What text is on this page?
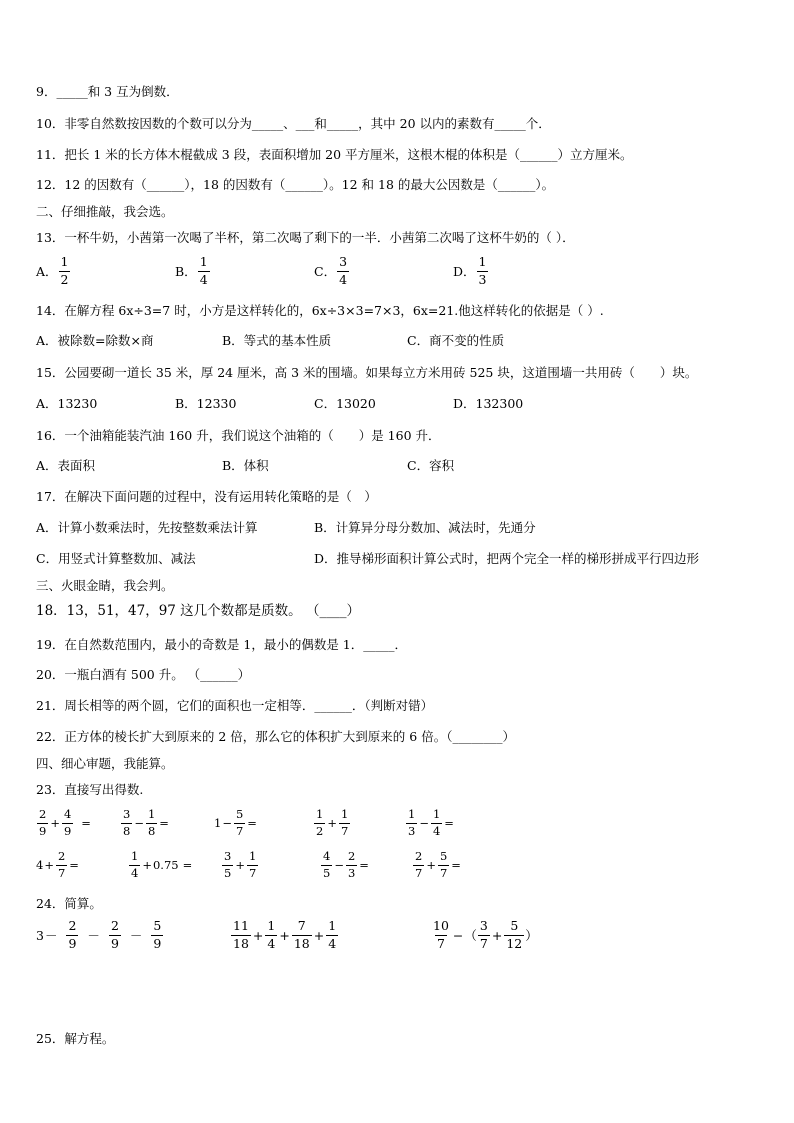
9．_____和 3 互为倒数．
10．非零自然数按因数的个数可以分为_____、___和_____，其中 20 以内的素数有_____个．
11．把长 1 米的长方体木棍截成 3 段，表面积增加 20 平方厘米，这根木棍的体积是（______）立方厘米。
12．12 的因数有（______），18 的因数有（______）。12 和 18 的最大公因数是（______）。
二、仔细推敲，我会选。
13．一杯牛奶，小茜第一次喝了半杯，第二次喝了剩下的一半．小茜第二次喝了这杯牛奶的（ ）．
A． $\frac{1}{2}$	B． $\frac{1}{4}$	C． $\frac{3}{4}$	D． $\frac{1}{3}$
14．在解方程 6x÷3=7 时，小方是这样转化的，6x÷3×3=7×3，6x=21.他这样转化的依据是（ ）.
A．被除数=除数×商	B．等式的基本性质	C．商不变的性质
15．公园要砌一道长 35 米，厚 24 厘米，高 3 米的围墙。如果每立方米用砖 525 块，这道围墙一共用砖（　　）块。
A．13230	B．12330	C．13020	D．132300
16．一个油箱能装汽油 160 升，我们说这个油箱的（　　）是 160 升．
A．表面积	B．体积	C．容积
17．在解决下面问题的过程中，没有运用转化策略的是（　）
A．计算小数乘法时，先按整数乘法计算	B．计算异分母分数加、减法时，先通分
C．用竖式计算整数加、减法	D．推导梯形面积计算公式时，把两个完全一样的梯形拼成平行四边形
三、火眼金睛，我会判。
18．13，51，47，97 这几个数都是质数。 （____）
19．在自然数范围内，最小的奇数是 1，最小的偶数是 1．_____．
20．一瓶白酒有 500 升。 （______）
21．周长相等的两个圆，它们的面积也一定相等．______．（判断对错）
22．正方体的棱长扩大到原来的 2 倍，那么它的体积扩大到原来的 6 倍。（________）
四、细心审题，我能算。
23．直接写出得数.
$\frac{2}{9} + \frac{4}{9}$ =	$\frac{3}{8} - \frac{1}{8}$ =	$1 - \frac{5}{7}$ =	$\frac{1}{2} + \frac{1}{7}$	$\frac{1}{3} - \frac{1}{4}$ =
$4 + \frac{2}{7}$ =	$\frac{1}{4} + 0.75$ =	$\frac{3}{5} + \frac{1}{7}$	$\frac{4}{5} - \frac{2}{3}$ =	$\frac{2}{7} + \frac{5}{7}$ =
24．简算。
$3 - \frac{2}{9} - \frac{2}{9} - \frac{5}{9}$	$\frac{11}{18} + \frac{1}{4} + \frac{7}{18} + \frac{1}{4}$	$\frac{10}{7}$ − （ $\frac{3}{7} + \frac{5}{12}$ ）
25．解方程。
